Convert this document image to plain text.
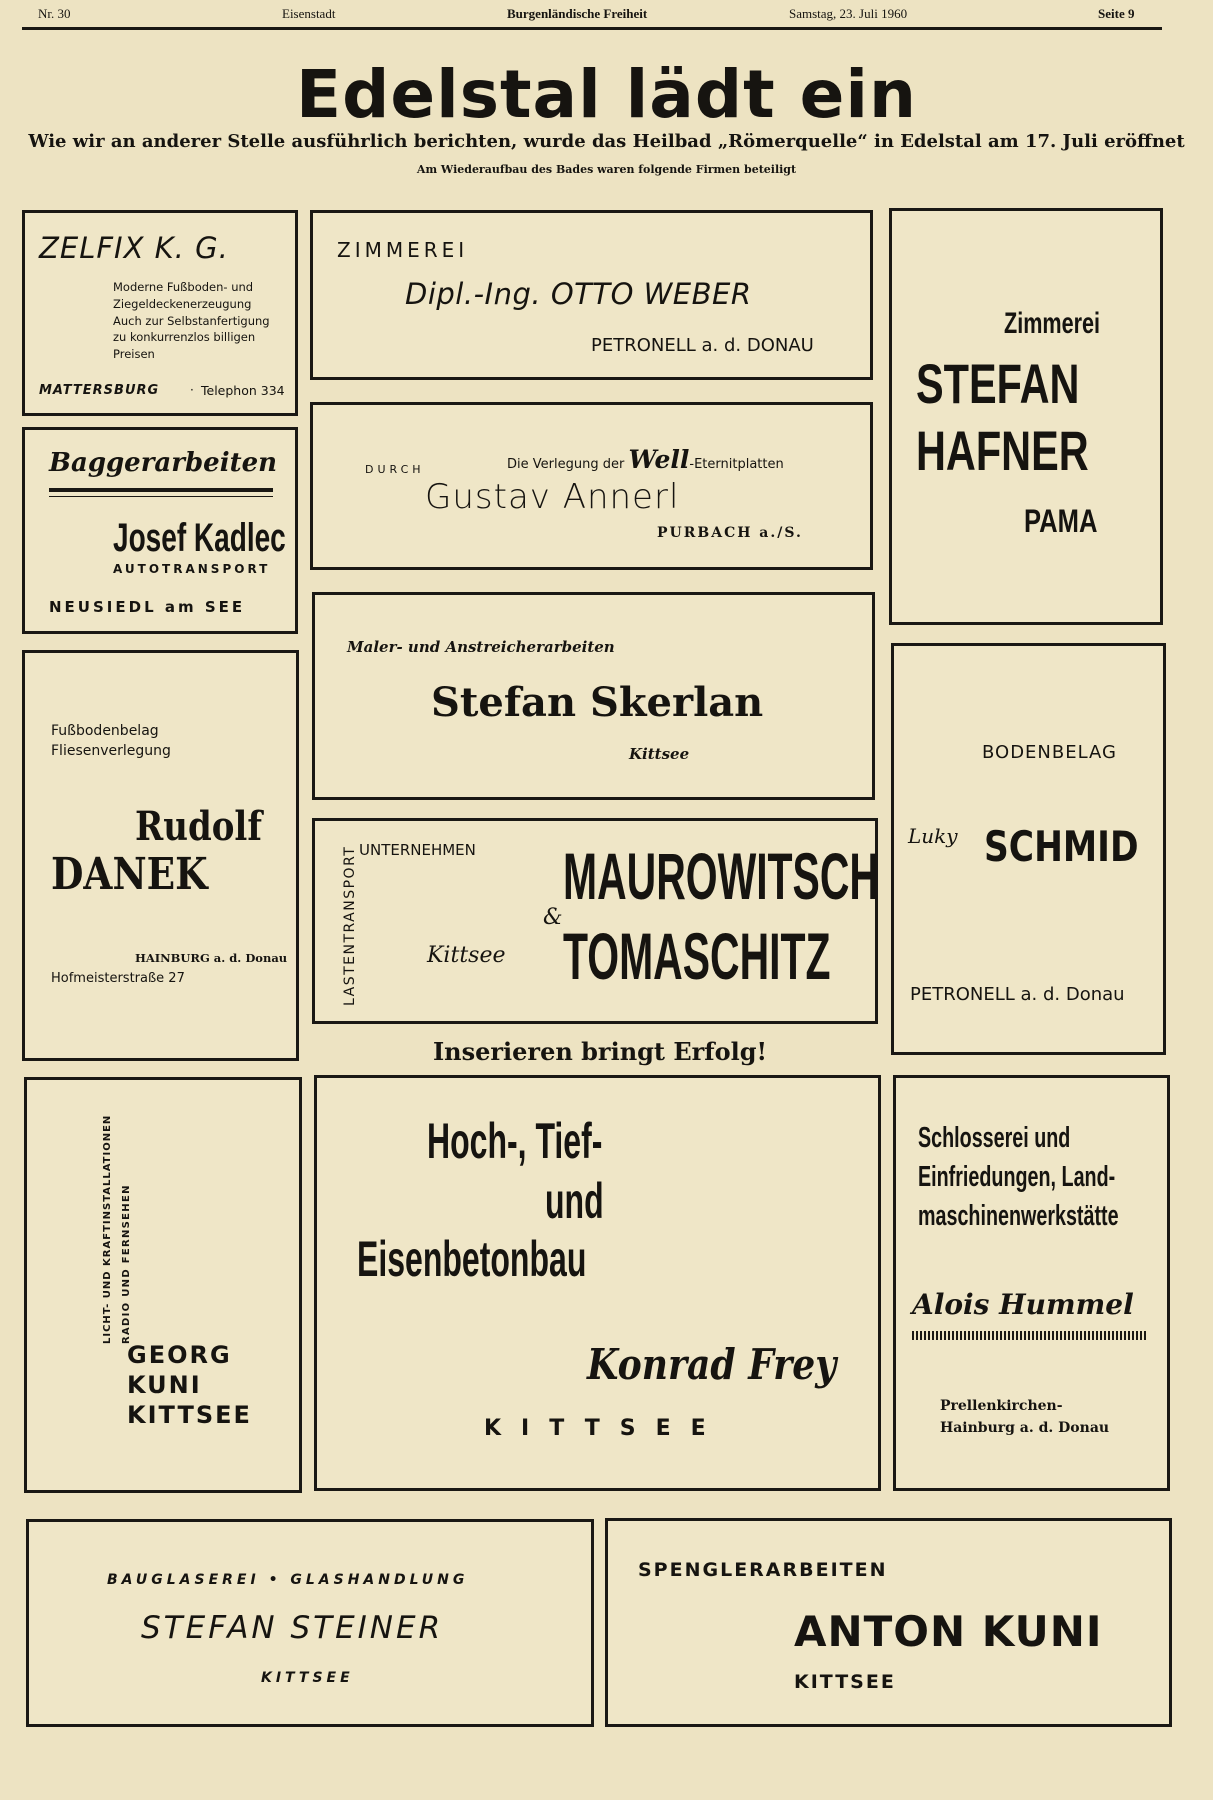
Nr. 30	Eisenstadt	Burgenländische Freiheit	Samstag, 23. Juli 1960	Seite 9
Edelstal lädt ein
Wie wir an anderer Stelle ausführlich berichten, wurde das Heilbad „Römerquelle“ in Edelstal am 17. Juli eröffnet
Am Wiederaufbau des Bades waren folgende Firmen beteiligt
ZELFIX K. G.
Moderne Fußboden- und
Ziegeldeckenerzeugung
Auch zur Selbstanfertigung
zu konkurrenzlos billigen
Preisen
MATTERSBURG	· Telephon 334
ZIMMEREI
Dipl.-Ing. OTTO WEBER
PETRONELL a. d. DONAU
Zimmerei
STEFAN
HAFNER
PAMA
Baggerarbeiten
Josef Kadlec
AUTOTRANSPORT
NEUSIEDL am SEE
Die Verlegung der Well-Eternitplatten
DURCH
Gustav Annerl
PURBACH a./S.
Maler- und Anstreicherarbeiten
Stefan Skerlan
Kittsee
Fußbodenbelag
Fliesenverlegung
Rudolf
DANEK
HAINBURG a. d. Donau
Hofmeisterstraße 27	LASTENTRANSPORT UNTERNEHMEN MAUROWITSCH
&
TOMASCHITZ
Kittsee
BODENBELAG
Luky SCHMID
PETRONELL a. d. Donau
Inserieren bringt Erfolg!
LICHT- UND KRAFTINSTALLATIONEN RADIO UND FERNSEHEN
GEORG
KUNI
KITTSEE
Hoch-, Tief-
und
Eisenbetonbau
Konrad Frey
KITTSEE
Schlosserei und
Einfriedungen, Land-
maschinenwerkstätte
Alois Hummel
Prellenkirchen-
Hainburg a. d. Donau
BAUGLASEREI • GLASHANDLUNG
STEFAN STEINER
KITTSEE
SPENGLERARBEITEN
ANTON KUNI
KITTSEE
